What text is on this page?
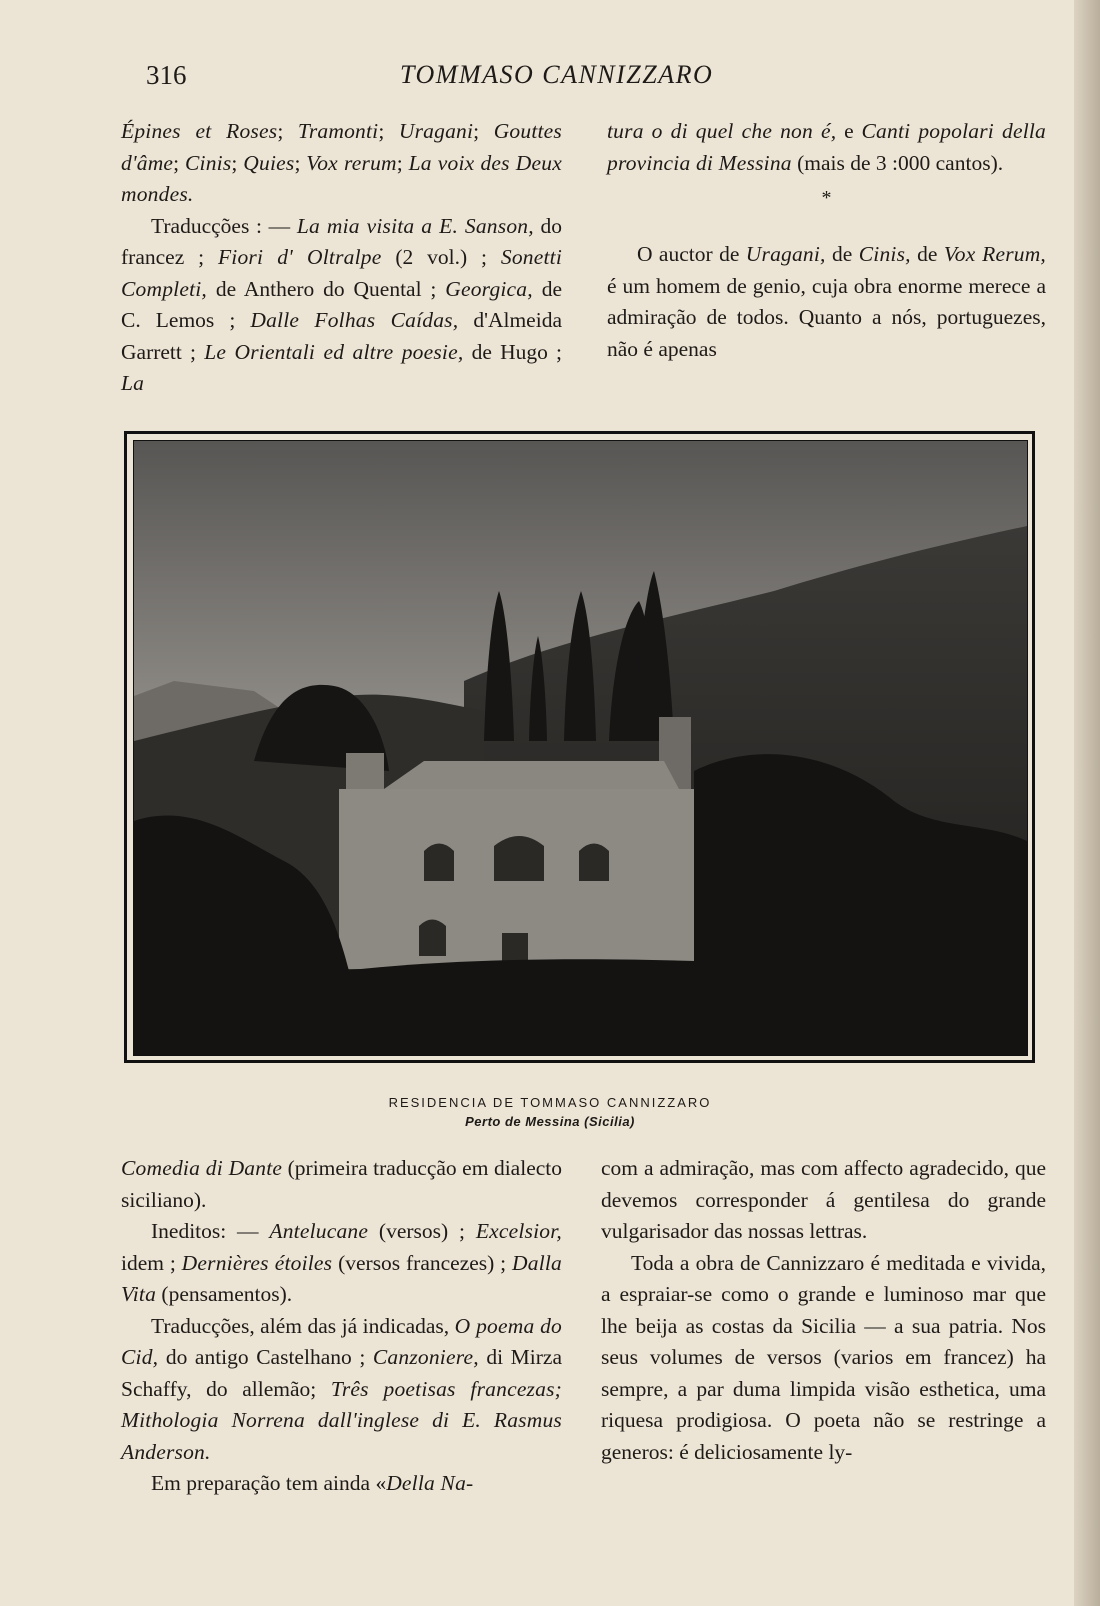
316	TOMMASO CANNIZZARO

Épines et Roses; Tramonti; Uragani; Gouttes d'âme; Cinis; Quies; Vox rerum; La voix des Deux mondes.

Traducções : — La mia visita a E. Sanson, do francez ; Fiori d' Oltralpe (2 vol.) ; Sonetti Completi, de Anthero do Quental ; Georgica, de C. Lemos ; Dalle Folhas Caídas, d'Almeida Garrett ; Le Orientali ed altre poesie, de Hugo ; La

tura o di quel che non é, e Canti popolari della provincia di Messina (mais de 3 :000 cantos).

*

O auctor de Uragani, de Cinis, de Vox Rerum, é um homem de genio, cuja obra enorme merece a admiração de todos. Quanto a nós, portuguezes, não é apenas

RESIDENCIA DE TOMMASO CANNIZZARO
Perto de Messina (Sicilia)

Comedia di Dante (primeira traducção em dialecto siciliano).

Ineditos: — Antelucane (versos) ; Excelsior, idem ; Dernières étoiles (versos francezes) ; Dalla Vita (pensamentos).

Traducções, além das já indicadas, O poema do Cid, do antigo Castelhano ; Canzoniere, di Mirza Schaffy, do allemão; Três poetisas francezas; Mithologia Norrena dall'inglese di E. Rasmus Anderson.

Em preparação tem ainda «Della Na-

com a admiração, mas com affecto agradecido, que devemos corresponder á gentilesa do grande vulgarisador das nossas lettras.

Toda a obra de Cannizzaro é meditada e vivida, a espraiar-se como o grande e luminoso mar que lhe beija as costas da Sicilia — a sua patria. Nos seus volumes de versos (varios em francez) ha sempre, a par duma limpida visão esthetica, uma riquesa prodigiosa. O poeta não se restringe a generos: é deliciosamente ly-
